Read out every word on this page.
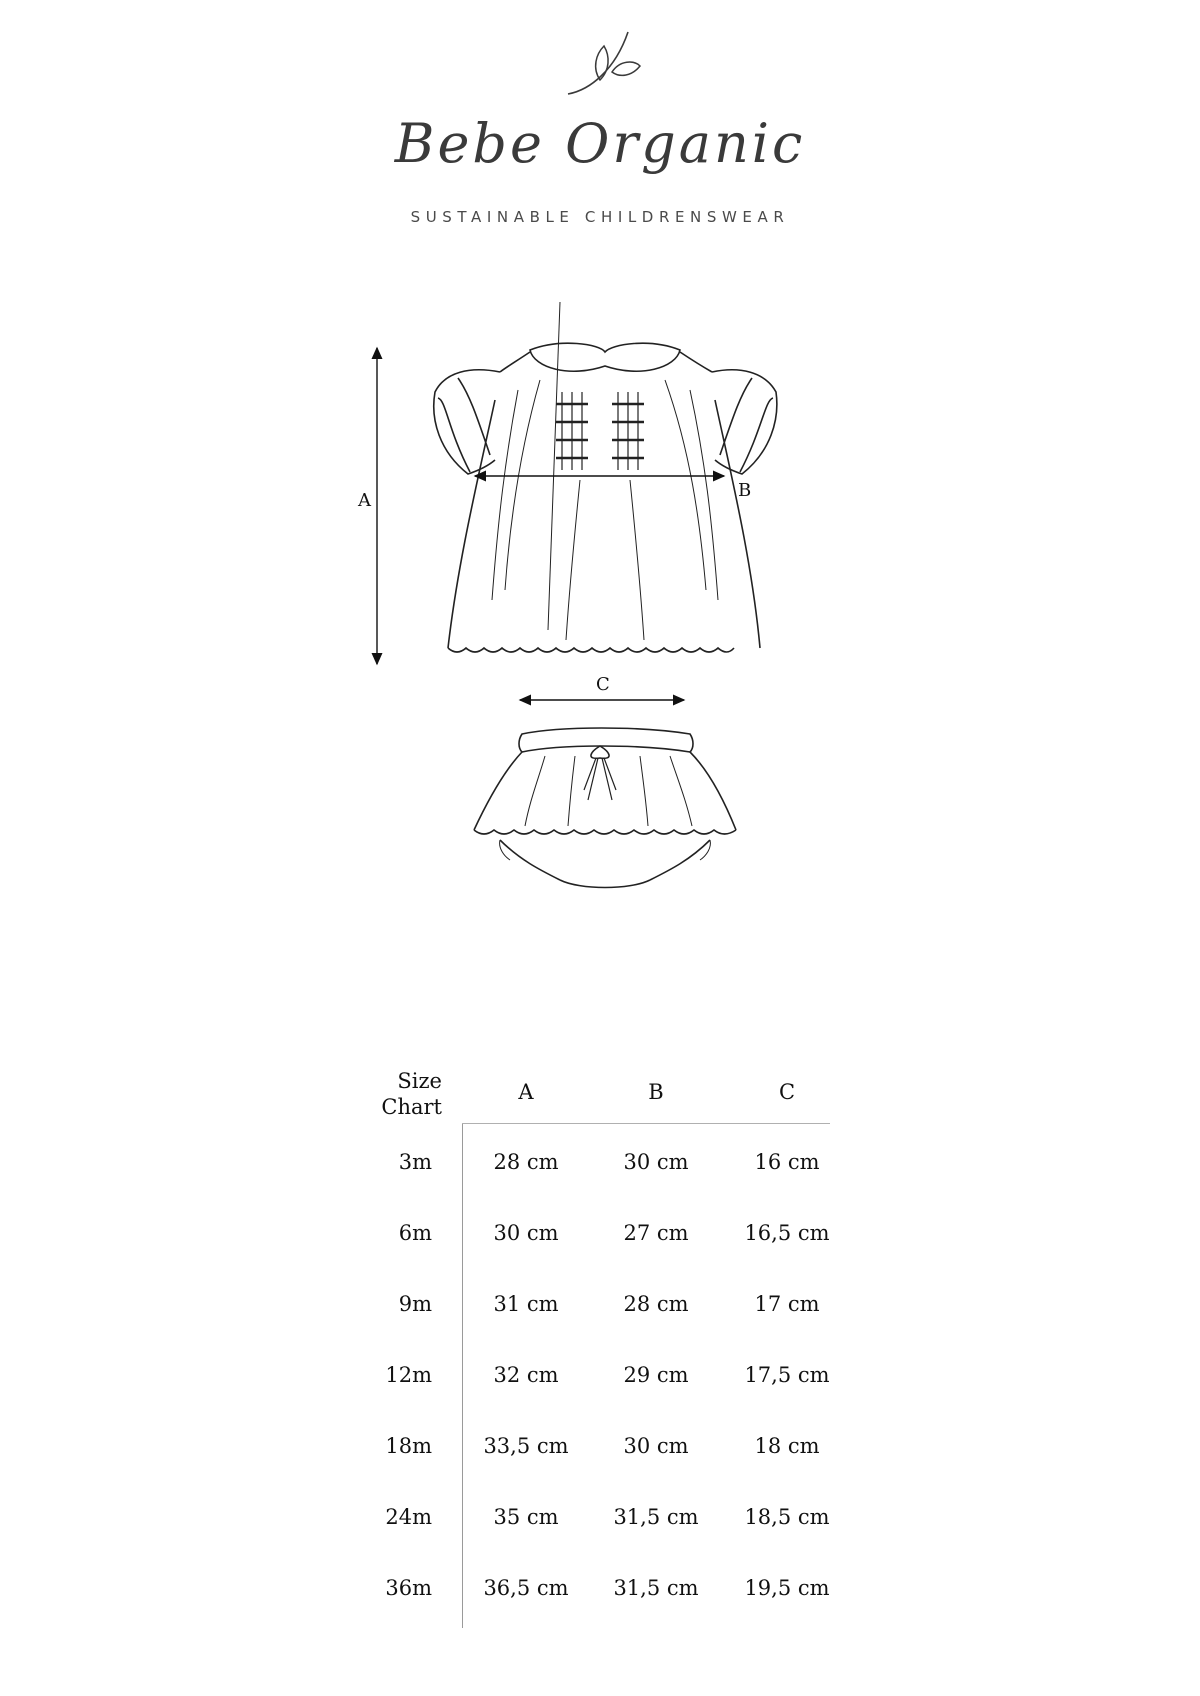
Bebe Organic
SUSTAINABLE CHILDRENSWEAR
A	B
C
Size
Chart
A	B	C
3m	28 cm	30 cm	16 cm
6m	30 cm	27 cm	16,5 cm
9m	31 cm	28 cm	17 cm
12m	32 cm	29 cm	17,5 cm
18m	33,5 cm	30 cm	18 cm
24m	35 cm	31,5 cm	18,5 cm
36m	36,5 cm	31,5 cm	19,5 cm
